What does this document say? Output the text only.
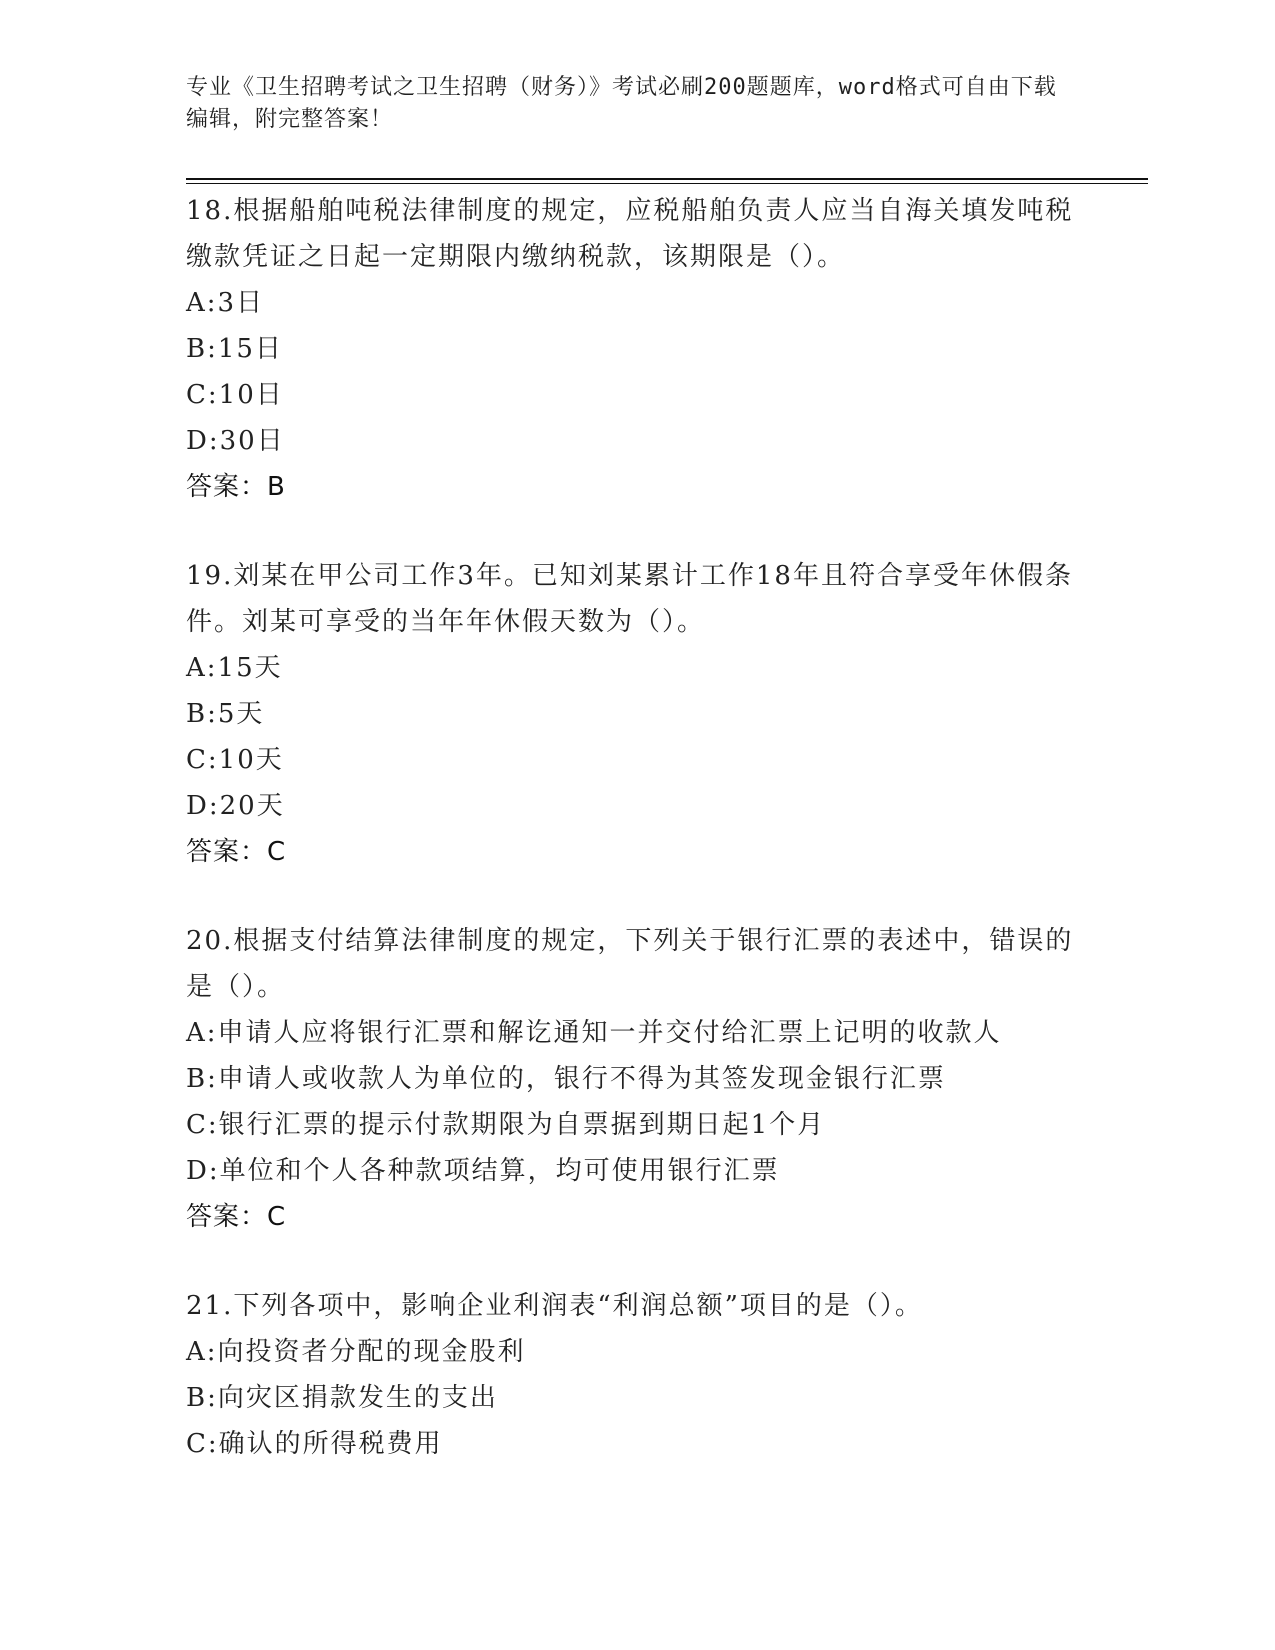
专业《卫生招聘考试之卫生招聘（财务）》考试必刷200题题库，word格式可自由下载编辑，附完整答案！
18.根据船舶吨税法律制度的规定，应税船舶负责人应当自海关填发吨税缴款凭证之日起一定期限内缴纳税款，该期限是（）。
A:3日
B:15日
C:10日
D:30日
答案：B
19.刘某在甲公司工作3年。已知刘某累计工作18年且符合享受年休假条件。刘某可享受的当年年休假天数为（）。
A:15天
B:5天
C:10天
D:20天
答案：C
20.根据支付结算法律制度的规定，下列关于银行汇票的表述中，错误的是（）。
A:申请人应将银行汇票和解讫通知一并交付给汇票上记明的收款人
B:申请人或收款人为单位的，银行不得为其签发现金银行汇票
C:银行汇票的提示付款期限为自票据到期日起1个月
D:单位和个人各种款项结算，均可使用银行汇票
答案：C
21.下列各项中，影响企业利润表“利润总额”项目的是（）。
A:向投资者分配的现金股利
B:向灾区捐款发生的支出
C:确认的所得税费用
